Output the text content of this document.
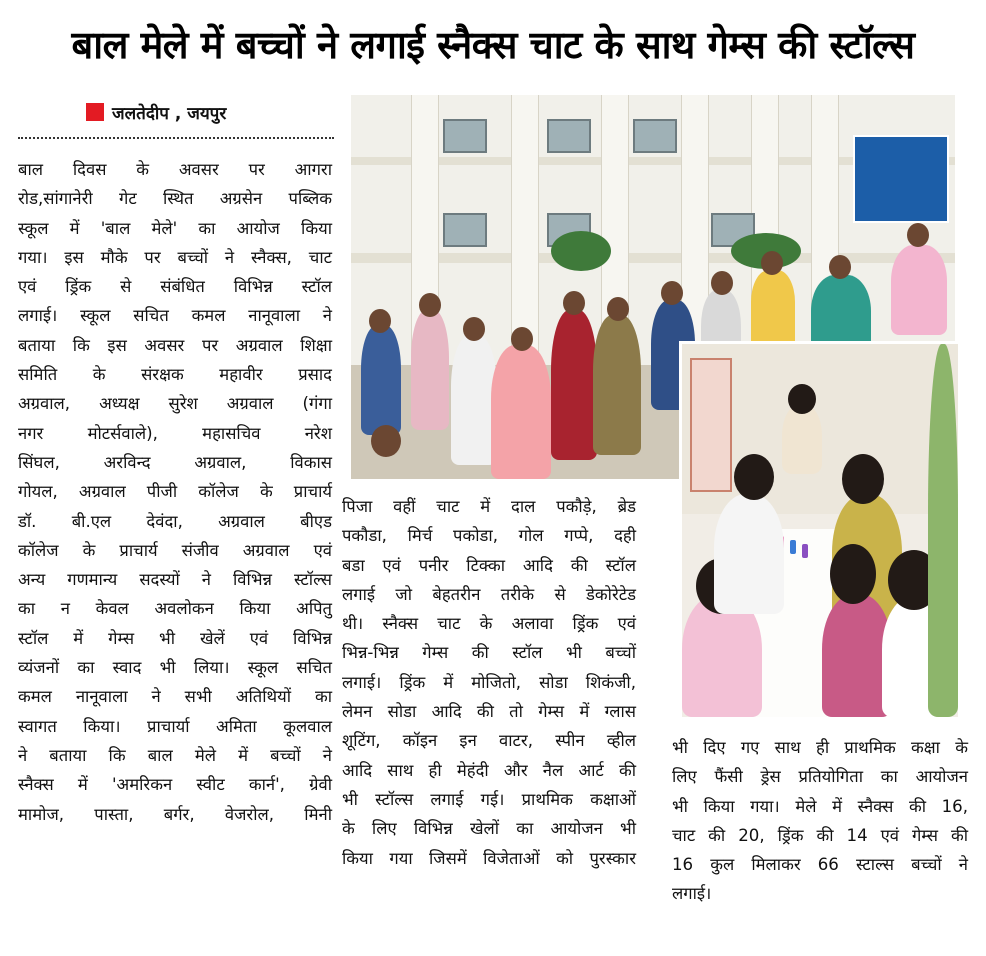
बाल मेले में बच्चों ने लगाई स्नैक्स चाट के साथ गेम्स की स्टॉल्स
जलतेदीप , जयपुर

बाल दिवस के अवसर पर आगरा

रोड,सांगानेरी गेट स्थित अग्रसेन पब्लिक

स्कूल में 'बाल मेले' का आयोज किया

गया। इस मौके पर बच्चों ने स्नैक्स, चाट

एवं ड्रिंक से संबंधित विभिन्न स्टॉल

लगाई। स्कूल सचित कमल नानूवाला ने

बताया कि इस अवसर पर अग्रवाल शिक्षा

समिति के संरक्षक महावीर प्रसाद

अग्रवाल, अध्यक्ष सुरेश अग्रवाल (गंगा

नगर मोटर्सवाले), महासचिव नरेश

सिंघल, अरविन्द अग्रवाल, विकास

गोयल, अग्रवाल पीजी कॉलेज के प्राचार्य

डॉ. बी.एल देवंदा, अग्रवाल बीएड

कॉलेज के प्राचार्य संजीव अग्रवाल एवं

अन्य गणमान्य सदस्यों ने विभिन्न स्टॉल्स

का न केवल अवलोकन किया अपितु

स्टॉल में गेम्स भी खेलें एवं विभिन्न

व्यंजनों का स्वाद भी लिया। स्कूल सचित

कमल नानूवाला ने सभी अतिथियों का

स्वागत किया। प्राचार्या अमिता कूलवाल

ने बताया कि बाल मेले में बच्चों ने

स्नैक्स में 'अमरिकन स्वीट कार्न', ग्रेवी

मामोज, पास्ता, बर्गर, वेजरोल, मिनी

पिजा वहीं चाट में दाल पकौड़े, ब्रेड

पकौडा, मिर्च पकोडा, गोल गप्पे, दही

बडा एवं पनीर टिक्का आदि की स्टॉल

लगाई जो बेहतरीन तरीके से डेकोरेटेड

थी। स्नैक्स चाट के अलावा ड्रिंक एवं

भिन्न-भिन्न गेम्स की स्टॉल भी बच्चों

लगाई। ड्रिंक में मोजितो, सोडा शिकंजी,

लेमन सोडा आदि की तो गेम्स में ग्लास

शूटिंग, कॉइन इन वाटर, स्पीन व्हील

आदि साथ ही मेहंदी और नैल आर्ट की

भी स्टॉल्स लगाई गई। प्राथमिक कक्षाओं

के लिए विभिन्न खेलों का आयोजन भी

किया गया जिसमें विजेताओं को पुरस्कार

भी दिए गए साथ ही प्राथमिक कक्षा के

लिए फैंसी ड्रेस प्रतियोगिता का आयोजन

भी किया गया। मेले में स्नैक्स की 16,

चाट की 20, ड्रिंक की 14 एवं गेम्स की

16 कुल मिलाकर 66 स्टाल्स बच्चों ने

लगाई।
